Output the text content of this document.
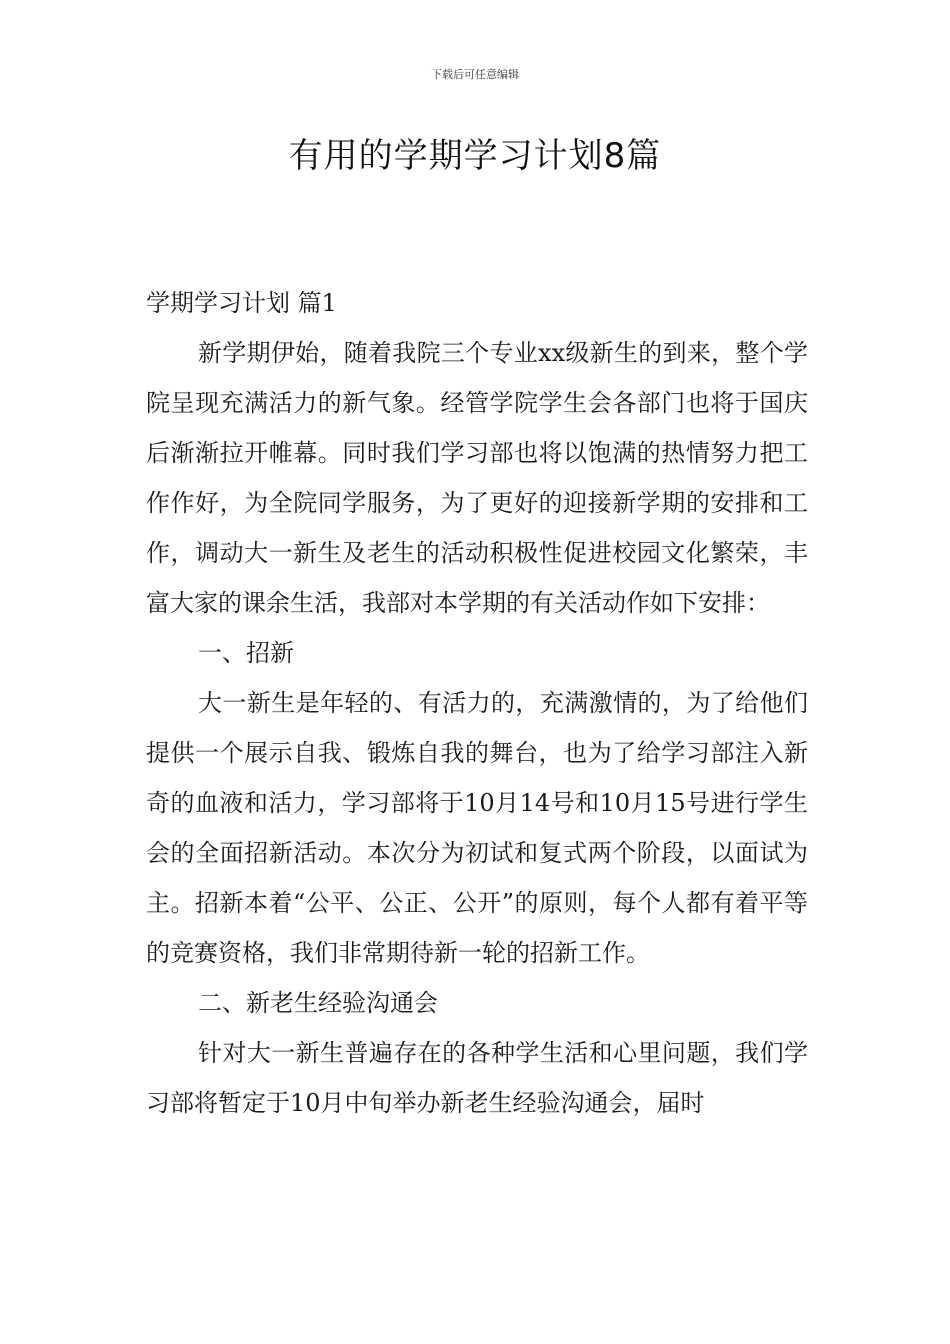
下载后可任意编辑
有用的学期学习计划8篇

学期学习计划 篇1

新学期伊始，随着我院三个专业xx级新生的到来，整个学院呈现充满活力的新气象。经管学院学生会各部门也将于国庆后渐渐拉开帷幕。同时我们学习部也将以饱满的热情努力把工作作好，为全院同学服务，为了更好的迎接新学期的安排和工作，调动大一新生及老生的活动积极性促进校园文化繁荣，丰富大家的课余生活，我部对本学期的有关活动作如下安排：

一、招新

大一新生是年轻的、有活力的，充满激情的，为了给他们提供一个展示自我、锻炼自我的舞台，也为了给学习部注入新奇的血液和活力，学习部将于10月14号和10月15号进行学生会的全面招新活动。本次分为初试和复式两个阶段，以面试为主。招新本着“公平、公正、公开”的原则，每个人都有着平等的竞赛资格，我们非常期待新一轮的招新工作。

二、新老生经验沟通会

针对大一新生普遍存在的各种学生活和心里问题，我们学习部将暂定于10月中旬举办新老生经验沟通会，届时
